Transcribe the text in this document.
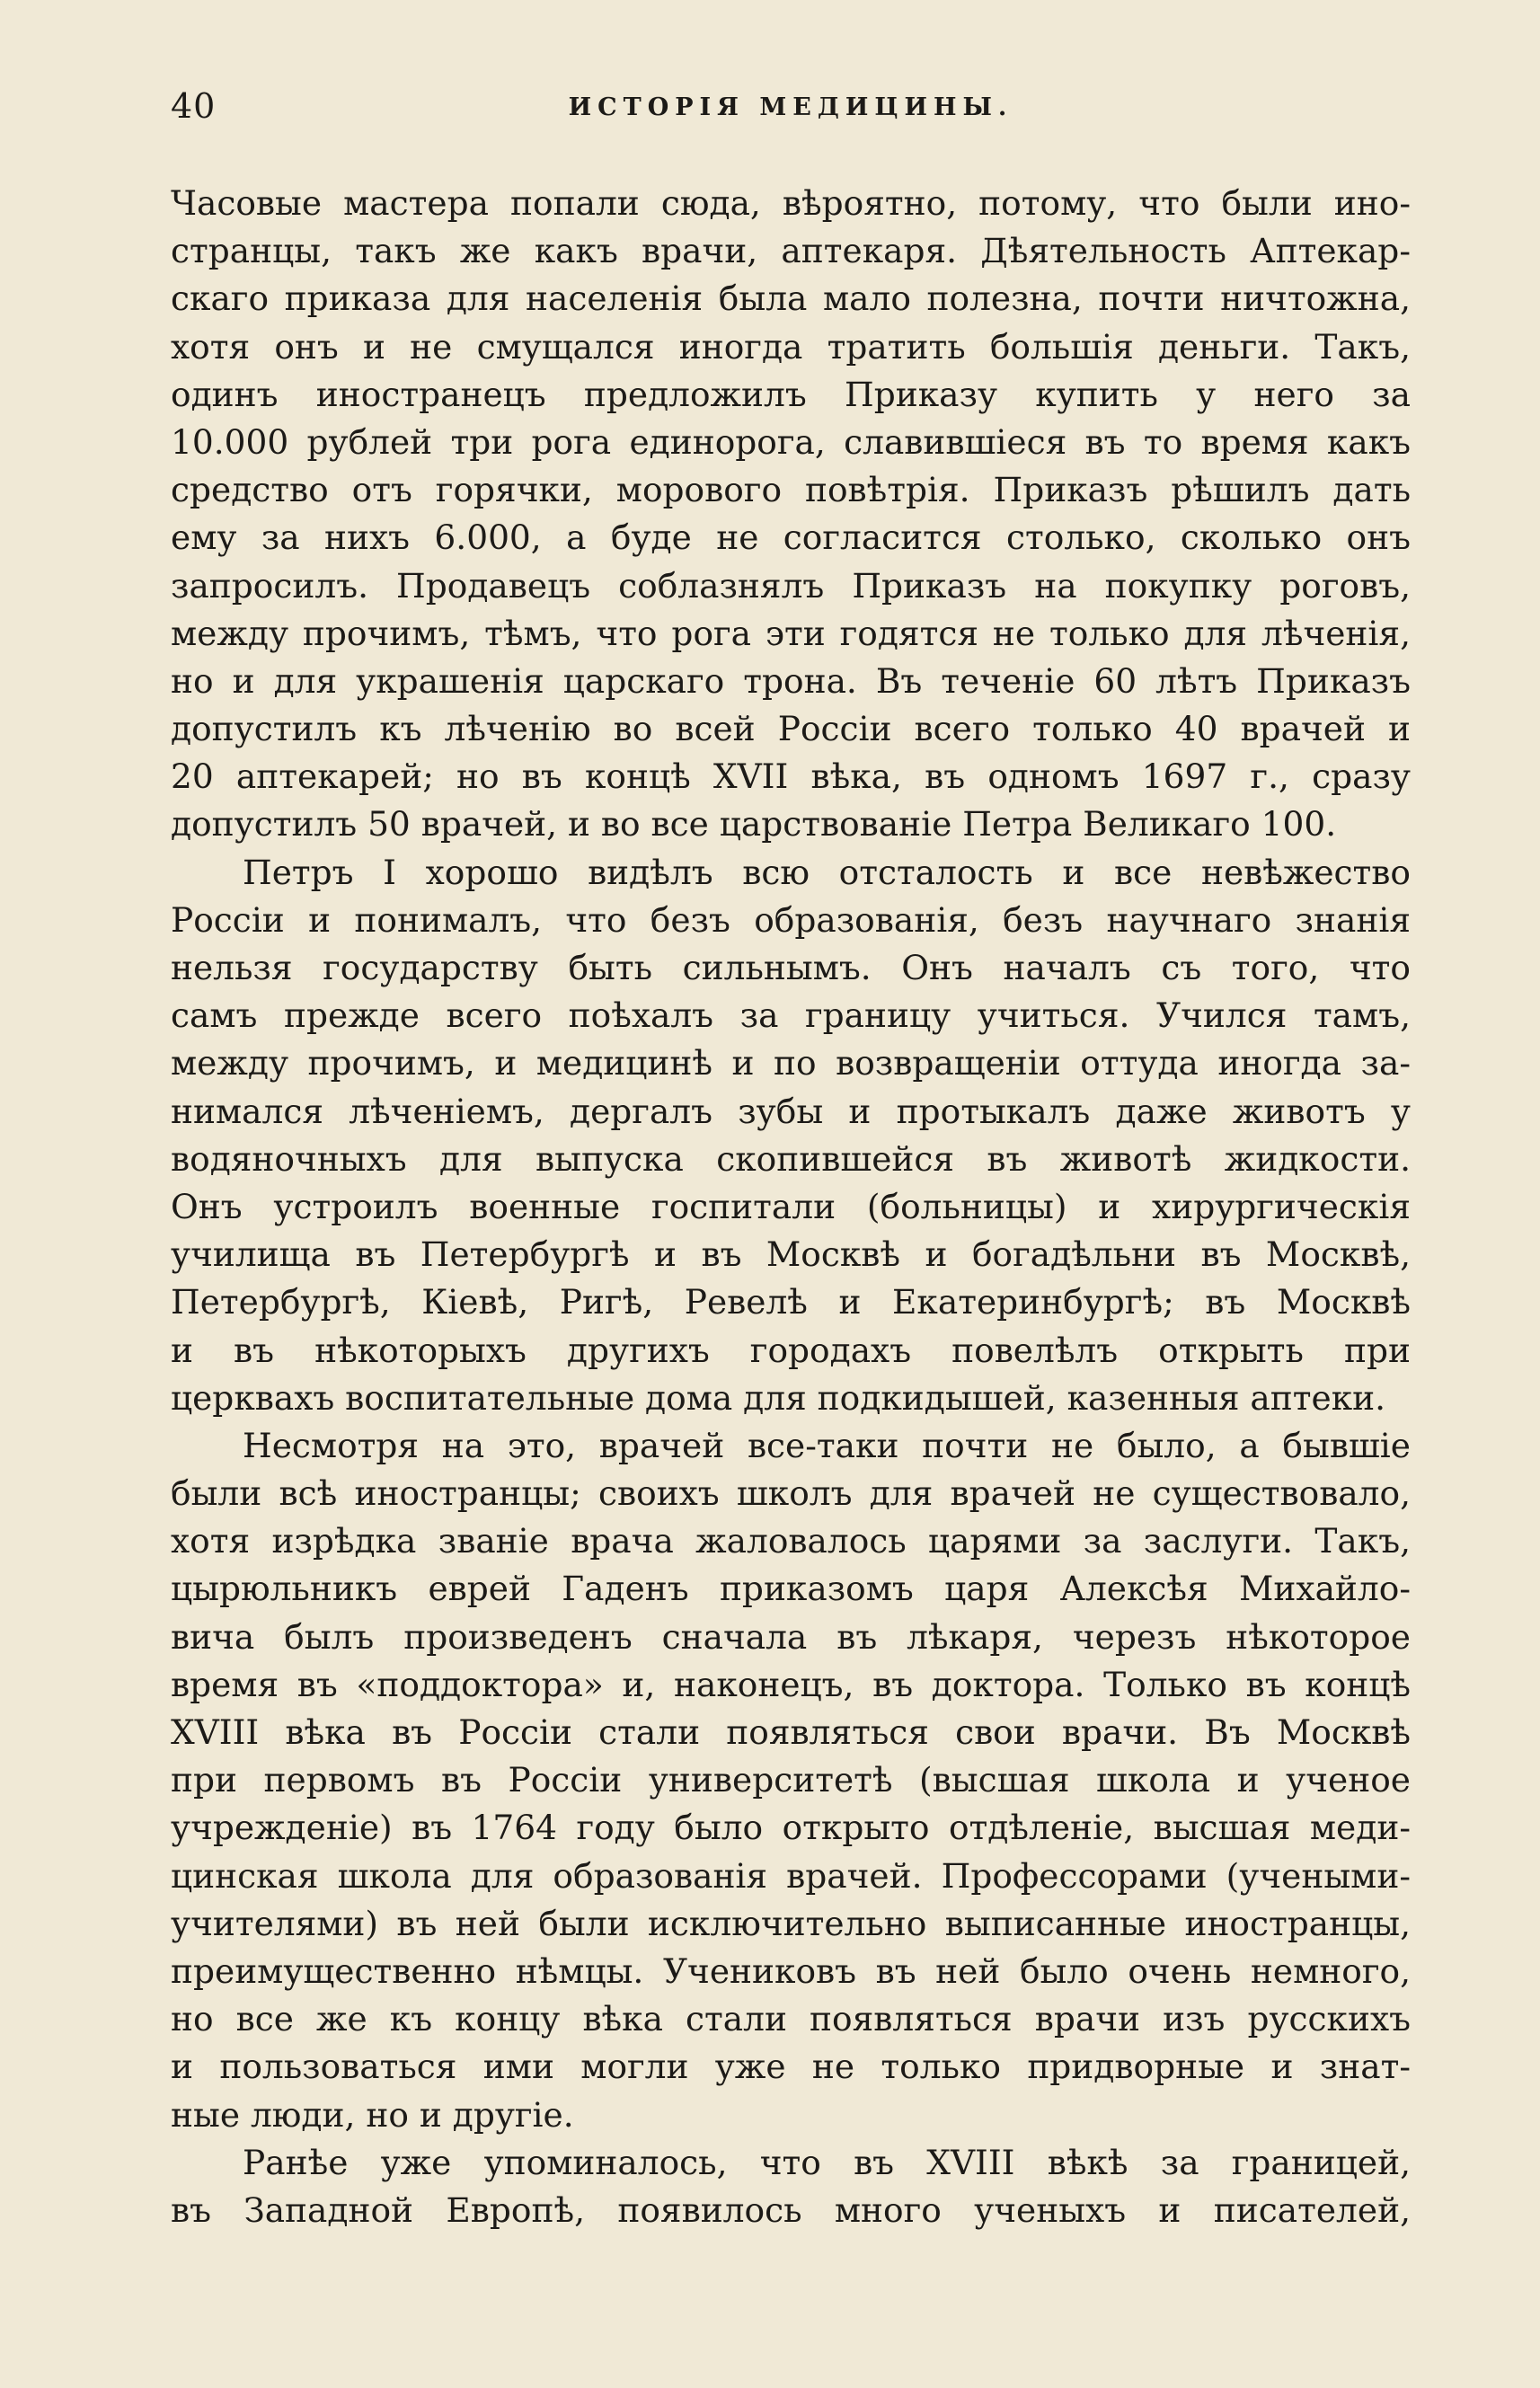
40	ИСТОРІЯ МЕДИЦИНЫ.
Часовые мастера попали сюда, вѣроятно, потому, что были ино-
странцы, такъ же какъ врачи, аптекаря. Дѣятельность Аптекар-
скаго приказа для населенія была мало полезна, почти ничтожна,
хотя онъ и не смущался иногда тратить большія деньги. Такъ,
одинъ иностранецъ предложилъ Приказу купить у него за
10.000 рублей три рога единорога, славившіеся въ то время какъ
средство отъ горячки, морового повѣтрія. Приказъ рѣшилъ дать
ему за нихъ 6.000, а буде не согласится столько, сколько онъ
запросилъ. Продавецъ соблазнялъ Приказъ на покупку роговъ,
между прочимъ, тѣмъ, что рога эти годятся не только для лѣченія,
но и для украшенія царскаго трона. Въ теченіе 60 лѣтъ Приказъ
допустилъ къ лѣченію во всей Россіи всего только 40 врачей и
20 аптекарей; но въ концѣ XVII вѣка, въ одномъ 1697 г., сразу
допустилъ 50 врачей, и во все царствованіе Петра Великаго 100.
Петръ I хорошо видѣлъ всю отсталость и все невѣжество
Россіи и понималъ, что безъ образованія, безъ научнаго знанія
нельзя государству быть сильнымъ. Онъ началъ съ того, что
самъ прежде всего поѣхалъ за границу учиться. Учился тамъ,
между прочимъ, и медицинѣ и по возвращеніи оттуда иногда за-
нимался лѣченіемъ, дергалъ зубы и протыкалъ даже животъ у
водяночныхъ для выпуска скопившейся въ животѣ жидкости.
Онъ устроилъ военные госпитали (больницы) и хирургическія
училища въ Петербургѣ и въ Москвѣ и богадѣльни въ Москвѣ,
Петербургѣ, Кіевѣ, Ригѣ, Ревелѣ и Екатеринбургѣ; въ Москвѣ
и въ нѣкоторыхъ другихъ городахъ повелѣлъ открыть при
церквахъ воспитательные дома для подкидышей, казенныя аптеки.
Несмотря на это, врачей все-таки почти не было, а бывшіе
были всѣ иностранцы; своихъ школъ для врачей не существовало,
хотя изрѣдка званіе врача жаловалось царями за заслуги. Такъ,
цырюльникъ еврей Гаденъ приказомъ царя Алексѣя Михайло-
вича былъ произведенъ сначала въ лѣкаря, черезъ нѣкоторое
время въ «поддоктора» и, наконецъ, въ доктора. Только въ концѣ
XVIII вѣка въ Россіи стали появляться свои врачи. Въ Москвѣ
при первомъ въ Россіи университетѣ (высшая школа и ученое
учрежденіе) въ 1764 году было открыто отдѣленіе, высшая меди-
цинская школа для образованія врачей. Профессорами (учеными-
учителями) въ ней были исключительно выписанные иностранцы,
преимущественно нѣмцы. Учениковъ въ ней было очень немного,
но все же къ концу вѣка стали появляться врачи изъ русскихъ
и пользоваться ими могли уже не только придворные и знат-
ные люди, но и другіе.
Ранѣе уже упоминалось, что въ XVIII вѣкѣ за границей,
въ Западной Европѣ, появилось много ученыхъ и писателей,
